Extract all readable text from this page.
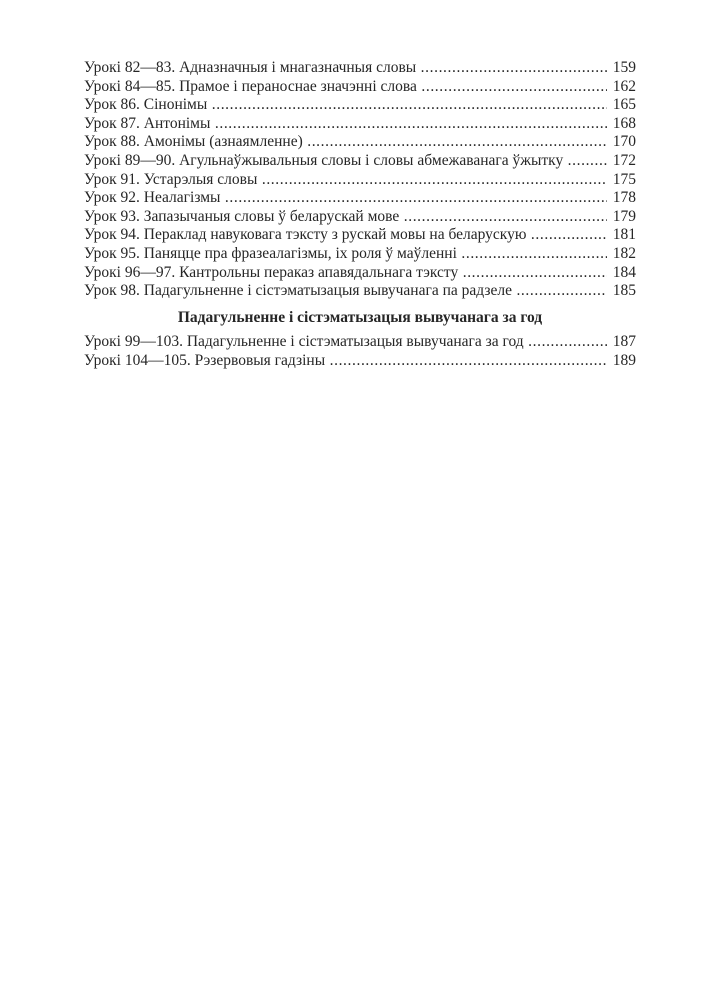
Урокі 82—83. Адназначныя і мнагазначныя словы .....	159
Урокі 84—85. Прамое і пераноснае значэнні слова .....	162
Урок 86. Сінонімы .....	165
Урок 87. Антонімы .....	168
Урок 88. Амонімы (азнаямленне) .....	170
Урокі 89—90. Агульнаўжывальныя словы і словы абмежаванага ўжытку .....	172
Урок 91. Устарэлыя словы .....	175
Урок 92. Неалагізмы .....	178
Урок 93. Запазычаныя словы ў беларускай мове .....	179
Урок 94. Пераклад навуковага тэксту з рускай мовы на беларускую .....	181
Урок 95. Паняцце пра фразеалагізмы, іх роля ў маўленні .....	182
Урокі 96—97. Кантрольны пераказ апавядальнага тэксту .....	184
Урок 98. Падагульненне і сістэматызацыя вывучанага па радзеле .....	185
Падагульненне і сістэматызацыя вывучанага за год
Урокі 99—103. Падагульненне і сістэматызацыя вывучанага за год .....	187
Урокі 104—105. Рэзервовыя гадзіны .....	189
